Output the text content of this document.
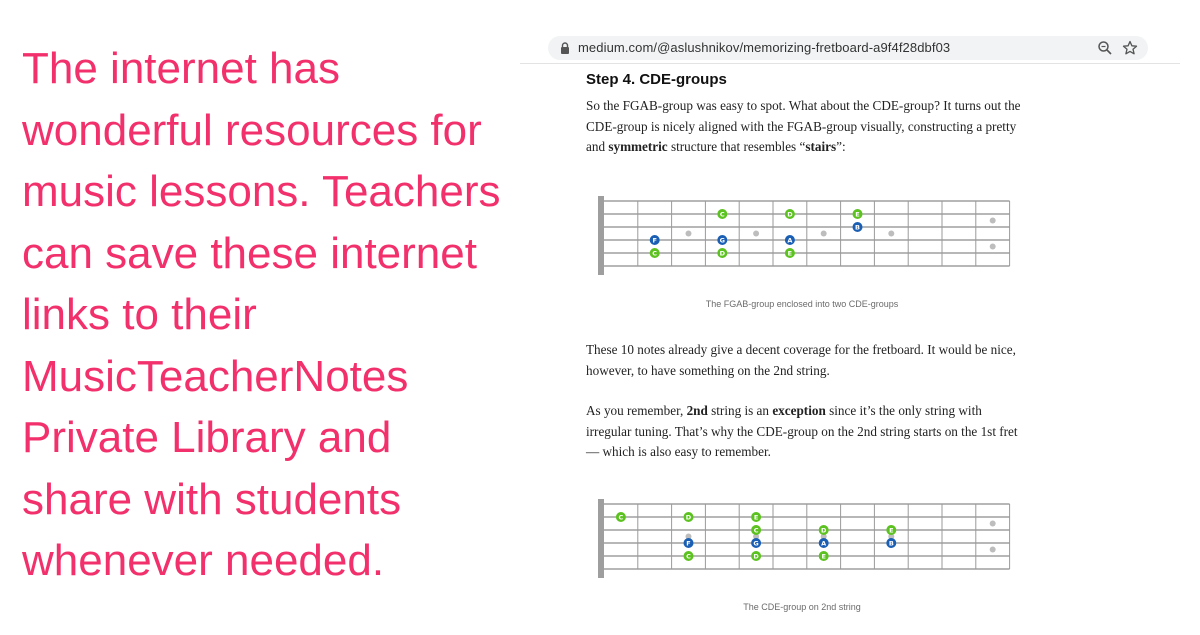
The internet has
wonderful resources for
music lessons. Teachers
can save these internet
links to their
MusicTeacherNotes
Private Library and
share with students
whenever needed.
medium.com/@aslushnikov/memorizing-fretboard-a9f4f28dbf03
Step 4. CDE-groups

So the FGAB-group was easy to spot. What about the CDE-group? It turns out the CDE-group is nicely aligned with the FGAB-group visually, constructing a pretty and symmetric structure that resembles “stairs”:

These 10 notes already give a decent coverage for the fretboard. It would be nice, however, to have something on the 2nd string.

As you remember, 2nd string is an exception since it’s the only string with irregular tuning. That’s why the CDE-group on the 2nd string starts on the 1st fret — which is also easy to remember.

F
C
C
G
D
D
A
E
E
B
The FGAB-group enclosed into two CDE-groups
C	D
F
C
E
C
G
D
D
A
E
E
B
The CDE-group on 2nd string
